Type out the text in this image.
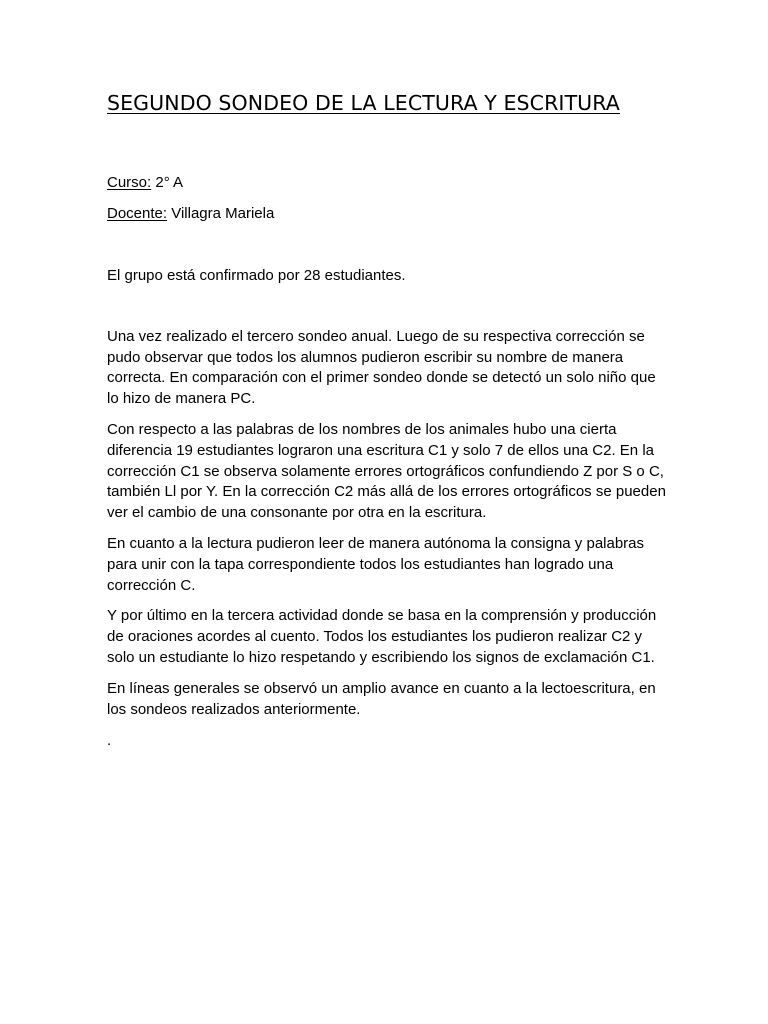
SEGUNDO SONDEO DE LA LECTURA Y ESCRITURA

Curso: 2° A

Docente: Villagra Mariela

El grupo está confirmado por 28 estudiantes.

Una vez realizado el tercero sondeo anual. Luego de su respectiva corrección se pudo observar que todos los alumnos pudieron escribir su nombre de manera correcta. En comparación con el primer sondeo donde se detectó un solo niño que lo hizo de manera PC.

Con respecto a las palabras de los nombres de los animales hubo una cierta diferencia 19 estudiantes lograron una escritura C1 y solo 7 de ellos una C2. En la corrección C1 se observa solamente errores ortográficos confundiendo Z por S o C, también Ll por Y. En la corrección C2 más allá de los errores ortográficos se pueden ver el cambio de una consonante por otra en la escritura.

En cuanto a la lectura pudieron leer de manera autónoma la consigna y palabras para unir con la tapa correspondiente todos los estudiantes han logrado una corrección C.

Y por último en la tercera actividad donde se basa en la comprensión y producción de oraciones acordes al cuento. Todos los estudiantes los pudieron realizar C2 y solo un estudiante lo hizo respetando y escribiendo los signos de exclamación C1.

En líneas generales se observó un amplio avance en cuanto a la lectoescritura, en los sondeos realizados anteriormente.

.
